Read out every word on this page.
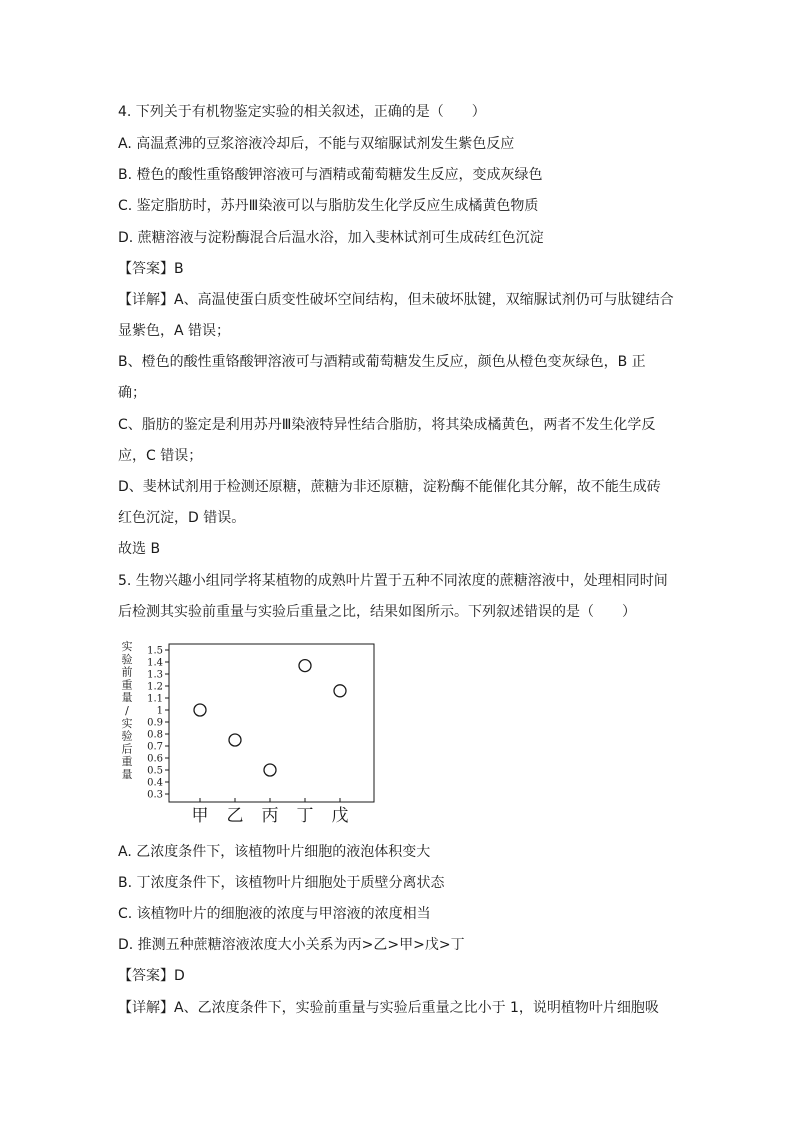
4. 下列关于有机物鉴定实验的相关叙述，正确的是（　　）

A. 高温煮沸的豆浆溶液冷却后，不能与双缩脲试剂发生紫色反应

B. 橙色的酸性重铬酸钾溶液可与酒精或葡萄糖发生反应，变成灰绿色

C. 鉴定脂肪时，苏丹Ⅲ染液可以与脂肪发生化学反应生成橘黄色物质

D. 蔗糖溶液与淀粉酶混合后温水浴，加入斐林试剂可生成砖红色沉淀

【答案】B

【详解】A、高温使蛋白质变性破坏空间结构，但未破坏肽键，双缩脲试剂仍可与肽键结合

显紫色，A 错误；

B、橙色的酸性重铬酸钾溶液可与酒精或葡萄糖发生反应，颜色从橙色变灰绿色，B 正

确；

C、脂肪的鉴定是利用苏丹Ⅲ染液特异性结合脂肪，将其染成橘黄色，两者不发生化学反

应，C 错误；

D、斐林试剂用于检测还原糖，蔗糖为非还原糖，淀粉酶不能催化其分解，故不能生成砖

红色沉淀，D 错误。

故选 B

5. 生物兴趣小组同学将某植物的成熟叶片置于五种不同浓度的蔗糖溶液中，处理相同时间

后检测其实验前重量与实验后重量之比，结果如图所示。下列叙述错误的是（　　）

实
验
前
重
量
/
实
验
后
重
量
1.5
1.4
1.3
1.2
1.1
1
0.9
0.8
0.7
0.6
0.5
0.4
0.3
甲 乙 丙 丁 戊

A. 乙浓度条件下，该植物叶片细胞的液泡体积变大

B. 丁浓度条件下，该植物叶片细胞处于质壁分离状态

C. 该植物叶片的细胞液的浓度与甲溶液的浓度相当

D. 推测五种蔗糖溶液浓度大小关系为丙>乙>甲>戊>丁

【答案】D

【详解】A、乙浓度条件下，实验前重量与实验后重量之比小于 1，说明植物叶片细胞吸
